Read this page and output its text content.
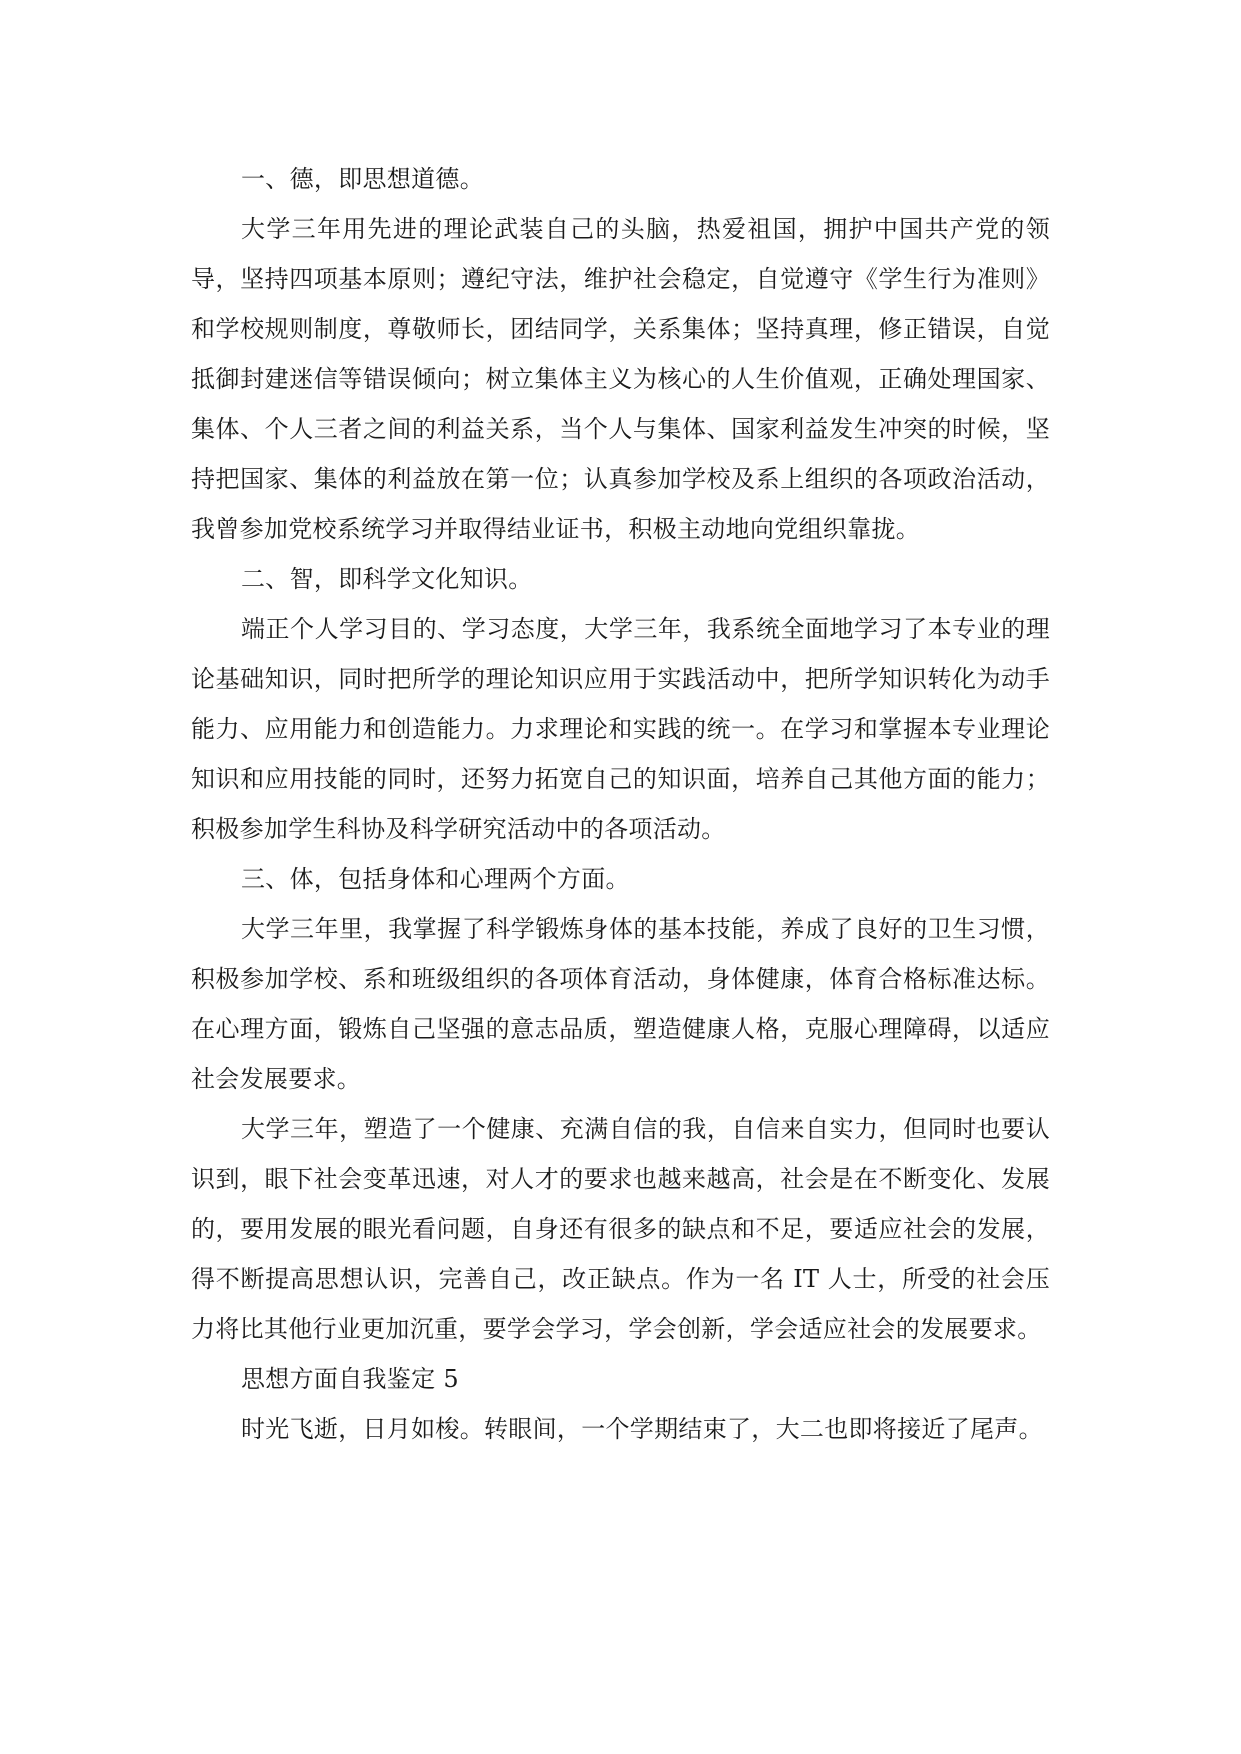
一、德，即思想道德。

大学三年用先进的理论武装自己的头脑，热爱祖国，拥护中国共产党的领导，坚持四项基本原则；遵纪守法，维护社会稳定，自觉遵守《学生行为准则》和学校规则制度，尊敬师长，团结同学，关系集体；坚持真理，修正错误，自觉抵御封建迷信等错误倾向；树立集体主义为核心的人生价值观，正确处理国家、集体、个人三者之间的利益关系，当个人与集体、国家利益发生冲突的时候，坚持把国家、集体的利益放在第一位；认真参加学校及系上组织的各项政治活动，我曾参加党校系统学习并取得结业证书，积极主动地向党组织靠拢。

二、智，即科学文化知识。

端正个人学习目的、学习态度，大学三年，我系统全面地学习了本专业的理论基础知识，同时把所学的理论知识应用于实践活动中，把所学知识转化为动手能力、应用能力和创造能力。力求理论和实践的统一。在学习和掌握本专业理论知识和应用技能的同时，还努力拓宽自己的知识面，培养自己其他方面的能力；积极参加学生科协及科学研究活动中的各项活动。

三、体，包括身体和心理两个方面。

大学三年里，我掌握了科学锻炼身体的基本技能，养成了良好的卫生习惯，积极参加学校、系和班级组织的各项体育活动，身体健康，体育合格标准达标。在心理方面，锻炼自己坚强的意志品质，塑造健康人格，克服心理障碍，以适应社会发展要求。

大学三年，塑造了一个健康、充满自信的我，自信来自实力，但同时也要认识到，眼下社会变革迅速，对人才的要求也越来越高，社会是在不断变化、发展的，要用发展的眼光看问题，自身还有很多的缺点和不足，要适应社会的发展，得不断提高思想认识，完善自己，改正缺点。作为一名 IT 人士，所受的社会压力将比其他行业更加沉重，要学会学习，学会创新，学会适应社会的发展要求。

思想方面自我鉴定 5

时光飞逝，日月如梭。转眼间，一个学期结束了，大二也即将接近了尾声。
